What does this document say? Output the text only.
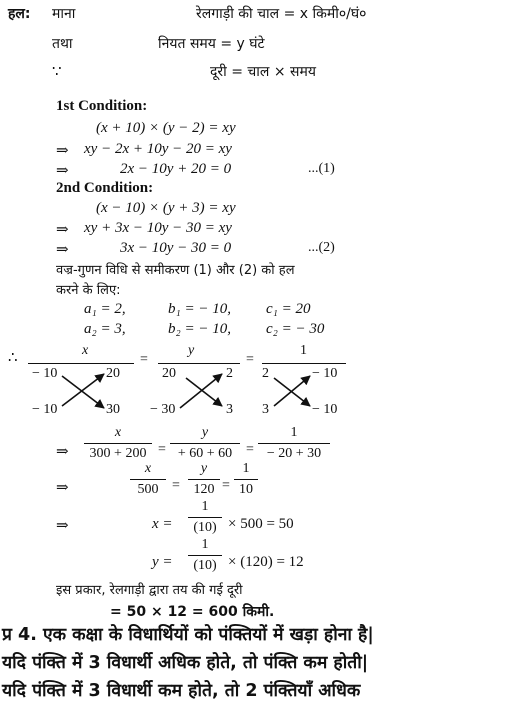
हल: माना	रेलगाड़ी की चाल = x किमी०/घं०
तथा	नियत समय = y घंटे
∵	दूरी = चाल × समय
1st Condition:
(x + 10) × (y − 2) = xy
⇒ xy − 2x + 10y − 20 = xy
⇒	2x − 10y + 20 = 0	...(1)
2nd Condition:
(x − 10) × (y + 3) = xy
⇒ xy + 3x − 10y − 30 = xy
⇒	3x − 10y − 30 = 0	...(2)
वज्र-गुणन विधि से समीकरण (1) और (2) को हल
करने के लिए:
a₁ = 2,	b₁ = − 10, c₁ = 20
a₂ = 3,	b₂ = − 10, c₂ = − 30
∴	x
− 10	20
− 10	30
=
y
20	2
− 30	3
=
1
2	− 10
3	− 10
⇒
x
300 + 200 =
y
+ 60 + 60 =
1
− 20 + 30
⇒
x
500 =
y
120 =
1
10
⇒	x =
1
(10) × 500 = 50
y =
1
(10) × (120) = 12
इस प्रकार, रेलगाड़ी द्वारा तय की गई दूरी
= 50 × 12 = 600 किमी.
प्र 4. एक कक्षा के विधार्थियों को पंक्तियों में खड़ा होना है|
यदि पंक्ति में 3 विधार्थी अधिक होते, तो पंक्ति कम होती|
यदि पंक्ति में 3 विधार्थी कम होते, तो 2 पंक्तियाँ अधिक
